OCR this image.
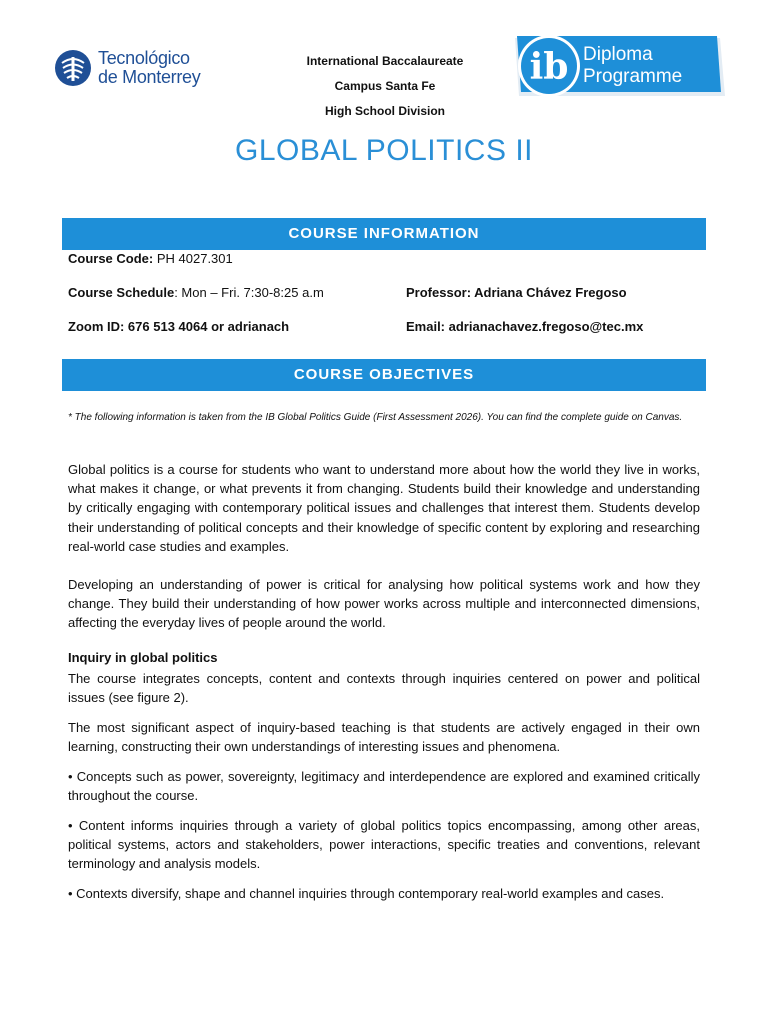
Tecnológico
de Monterrey
International Baccalaureate
Campus Santa Fe
High School Division
ib Diploma
Programme
GLOBAL POLITICS II
COURSE INFORMATION
Course Code: PH 4027.301
Course Schedule: Mon – Fri. 7:30-8:25 a.m	Professor: Adriana Chávez Fregoso
Zoom ID: 676 513 4064 or adrianach	Email: adrianachavez.fregoso@tec.mx
COURSE OBJECTIVES
* The following information is taken from the IB Global Politics Guide (First Assessment 2026). You can find the complete guide on Canvas.

Global politics is a course for students who want to understand more about how the world they live in works, what makes it change, or what prevents it from changing. Students build their knowledge and understanding by critically engaging with contemporary political issues and challenges that interest them. Students develop their understanding of political concepts and their knowledge of specific content by exploring and researching real-world case studies and examples.

Developing an understanding of power is critical for analysing how political systems work and how they change. They build their understanding of how power works across multiple and interconnected dimensions, affecting the everyday lives of people around the world.

Inquiry in global politics

The course integrates concepts, content and contexts through inquiries centered on power and political issues (see figure 2).

The most significant aspect of inquiry-based teaching is that students are actively engaged in their own learning, constructing their own understandings of interesting issues and phenomena.

• Concepts such as power, sovereignty, legitimacy and interdependence are explored and examined critically throughout the course.

• Content informs inquiries through a variety of global politics topics encompassing, among other areas, political systems, actors and stakeholders, power interactions, specific treaties and conventions, relevant terminology and analysis models.

• Contexts diversify, shape and channel inquiries through contemporary real-world examples and cases.
